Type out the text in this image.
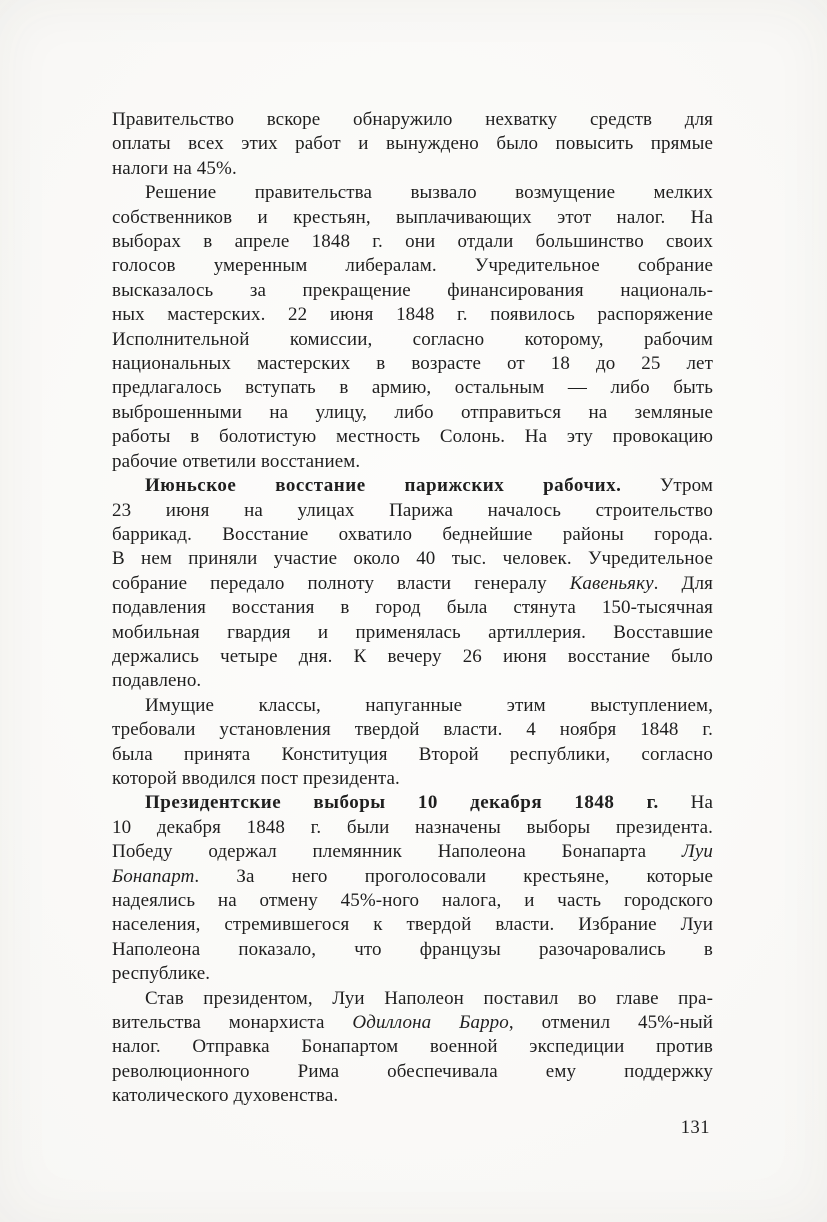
Правительство вскоре обнаружило нехватку средств для
оплаты всех этих работ и вынуждено было повысить прямые
налоги на 45%.
Решение правительства вызвало возмущение мелких
собственников и крестьян, выплачивающих этот налог. На
выборах в апреле 1848 г. они отдали большинство своих
голосов умеренным либералам. Учредительное собрание
высказалось за прекращение финансирования националь-
ных мастерских. 22 июня 1848 г. появилось распоряжение
Исполнительной комиссии, согласно которому, рабочим
национальных мастерских в возрасте от 18 до 25 лет
предлагалось вступать в армию, остальным — либо быть
выброшенными на улицу, либо отправиться на земляные
работы в болотистую местность Солонь. На эту провокацию
рабочие ответили восстанием.
Июньское восстание парижских рабочих. Утром
23 июня на улицах Парижа началось строительство
баррикад. Восстание охватило беднейшие районы города.
В нем приняли участие около 40 тыс. человек. Учредительное
собрание передало полноту власти генералу Кавеньяку. Для
подавления восстания в город была стянута 150-тысячная
мобильная гвардия и применялась артиллерия. Восставшие
держались четыре дня. К вечеру 26 июня восстание было
подавлено.
Имущие классы, напуганные этим выступлением,
требовали установления твердой власти. 4 ноября 1848 г.
была принята Конституция Второй республики, согласно
которой вводился пост президента.
Президентские выборы 10 декабря 1848 г. На
10 декабря 1848 г. были назначены выборы президента.
Победу одержал племянник Наполеона Бонапарта Луи
Бонапарт. За него проголосовали крестьяне, которые
надеялись на отмену 45%-ного налога, и часть городского
населения, стремившегося к твердой власти. Избрание Луи
Наполеона показало, что французы разочаровались в
республике.
Став президентом, Луи Наполеон поставил во главе пра-
вительства монархиста Одиллона Барро, отменил 45%-ный
налог. Отправка Бонапартом военной экспедиции против
революционного Рима обеспечивала ему поддержку
католического духовенства.
131
